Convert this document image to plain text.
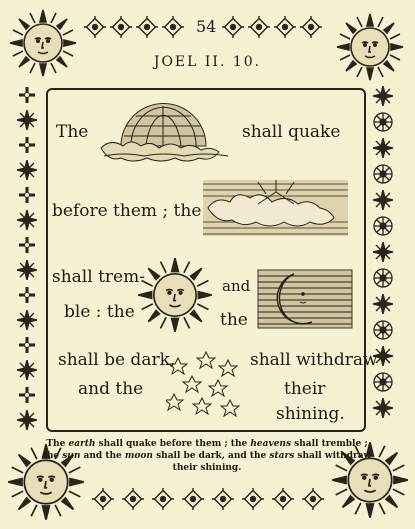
54
JOEL II. 10.
The	shall quake
before them ; the
shall trem-
ble : the
and
the
shall be dark,
and the
shall withdraw
their
shining.
The earth shall quake before them ; the heavens shall tremble ; the sun and the moon shall be dark, and the stars shall withdraw their shining.
